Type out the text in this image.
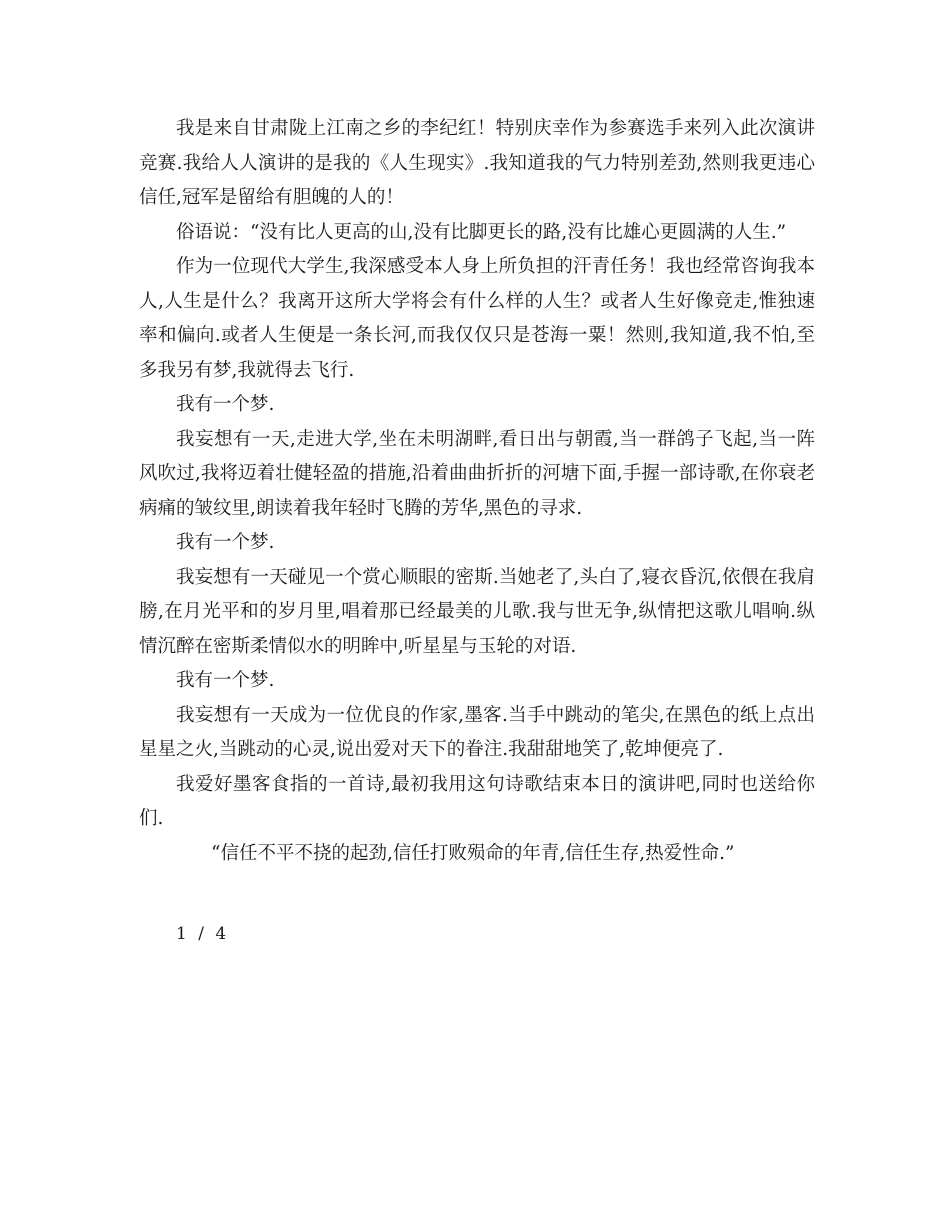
我是来自甘肃陇上江南之乡的李纪红！特别庆幸作为参赛选手来列入此次演讲竞赛.我给人人演讲的是我的《人生现实》.我知道我的气力特别差劲,然则我更违心信任,冠军是留给有胆魄的人的！

俗语说：“没有比人更高的山,没有比脚更长的路,没有比雄心更圆满的人生.”

作为一位现代大学生,我深感受本人身上所负担的汗青任务！我也经常咨询我本人,人生是什么？我离开这所大学将会有什么样的人生？或者人生好像竞走,惟独速率和偏向.或者人生便是一条长河,而我仅仅只是苍海一粟！然则,我知道,我不怕,至多我另有梦,我就得去飞行.

我有一个梦.

我妄想有一天,走进大学,坐在未明湖畔,看日出与朝霞,当一群鸽子飞起,当一阵风吹过,我将迈着壮健轻盈的措施,沿着曲曲折折的河塘下面,手握一部诗歌,在你衰老病痛的皱纹里,朗读着我年轻时飞腾的芳华,黑色的寻求.

我有一个梦.

我妄想有一天碰见一个赏心顺眼的密斯.当她老了,头白了,寝衣昏沉,依偎在我肩膀,在月光平和的岁月里,唱着那已经最美的儿歌.我与世无争,纵情把这歌儿唱响.纵情沉醉在密斯柔情似水的明眸中,听星星与玉轮的对语.

我有一个梦.

我妄想有一天成为一位优良的作家,墨客.当手中跳动的笔尖,在黑色的纸上点出星星之火,当跳动的心灵,说出爱对天下的眷注.我甜甜地笑了,乾坤便亮了.

我爱好墨客食指的一首诗,最初我用这句诗歌结束本日的演讲吧,同时也送给你们.

“信任不平不挠的起劲,信任打败殒命的年青,信任生存,热爱性命.”

1 / 4
